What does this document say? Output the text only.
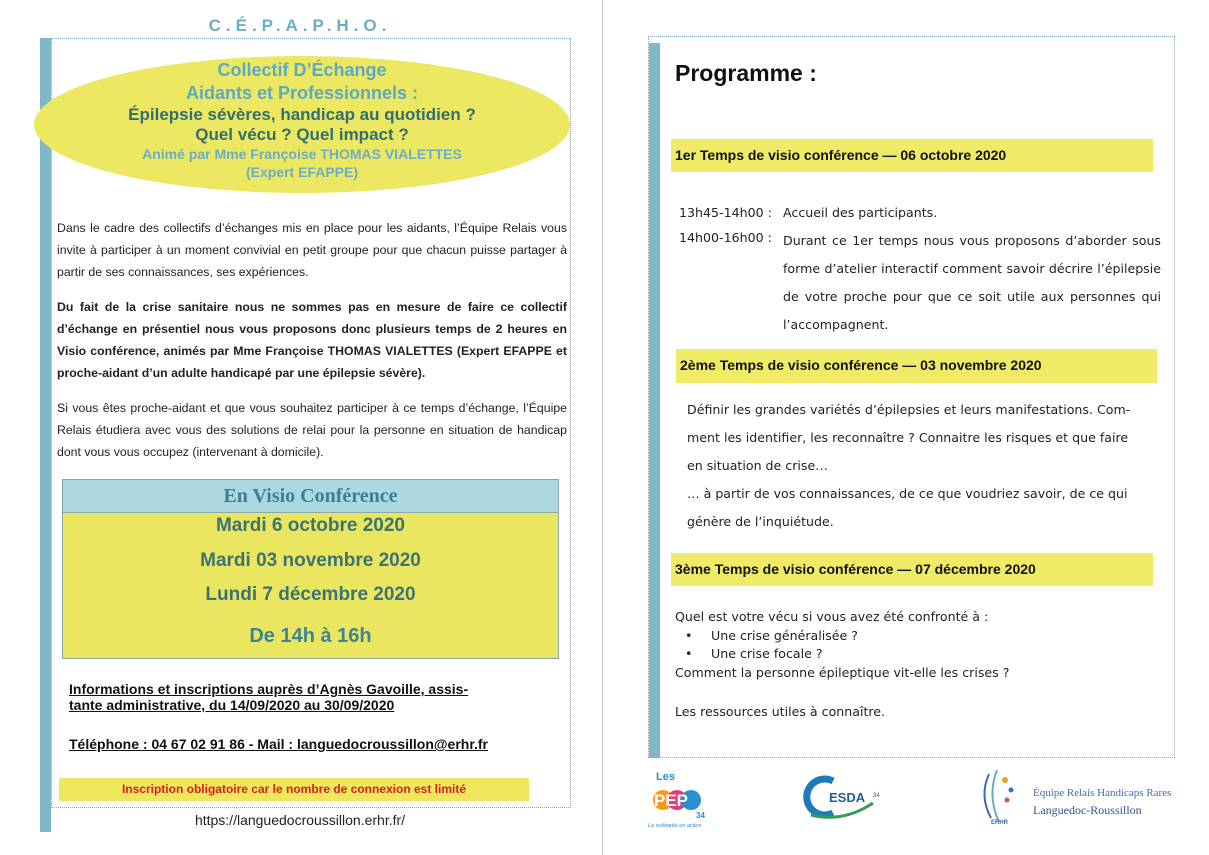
C.É.P.A.P.H.O.
Collectif D’Échange
Aidants et Professionnels :
Épilepsie sévères, handicap au quotidien ?
Quel vécu ? Quel impact ?
Animé par Mme Françoise THOMAS VIALETTES
(Expert EFAPPE)

Dans le cadre des collectifs d’échanges mis en place pour les aidants, l’Équipe Relais vous invite à participer à un moment convivial en petit groupe pour que chacun puisse partager à partir de ses connaissances, ses expériences.

Du fait de la crise sanitaire nous ne sommes pas en mesure de faire ce collectif d’échange en présentiel nous vous proposons donc plusieurs temps de 2 heures en Visio conférence, animés par Mme Françoise THOMAS VIALETTES (Expert EFAPPE et proche-aidant d’un adulte handicapé par une épilepsie sévère).

Si vous êtes proche-aidant et que vous souhaitez participer à ce temps d’échange, l’Équipe Relais étudiera avec vous des solutions de relai pour la personne en situation de handicap dont vous vous occupez (intervenant à domicile).

En Visio Conférence
Mardi 6 octobre 2020
Mardi 03 novembre 2020
Lundi 7 décembre 2020
De 14h à 16h
Informations et inscriptions auprès d’Agnès Gavoille, assis-
tante administrative, du 14/09/2020 au 30/09/2020
Téléphone : 04 67 02 91 86 - Mail : languedocroussillon@erhr.fr
Inscription obligatoire car le nombre de connexion est limité
https://languedocroussillon.erhr.fr/
Programme :
1er Temps de visio conférence — 06 octobre 2020
13h45-14h00 : Accueil des participants.
14h00-16h00 : Durant ce 1er temps nous vous proposons d’aborder sous forme d’atelier interactif comment savoir décrire l’épilepsie de votre proche pour que ce soit utile aux personnes qui l’accompagnent.
2ème Temps de visio conférence — 03 novembre 2020
Définir les grandes variétés d’épilepsies et leurs manifestations. Com-
ment les identifier, les reconnaître ? Connaitre les risques et que faire
en situation de crise…
… à partir de vos connaissances, de ce que voudriez savoir, de ce qui
génère de l’inquiétude.
3ème Temps de visio conférence — 07 décembre 2020
Quel est votre vécu si vous avez été confronté à :
• Une crise généralisée ?
• Une crise focale ?
Comment la personne épileptique vit-elle les crises ?
Les ressources utiles à connaître.
Les
PEP
34
La solidarité en action
ESDA 34
ERHR
Équipe Relais Handicaps Rares
Languedoc-Roussillon
